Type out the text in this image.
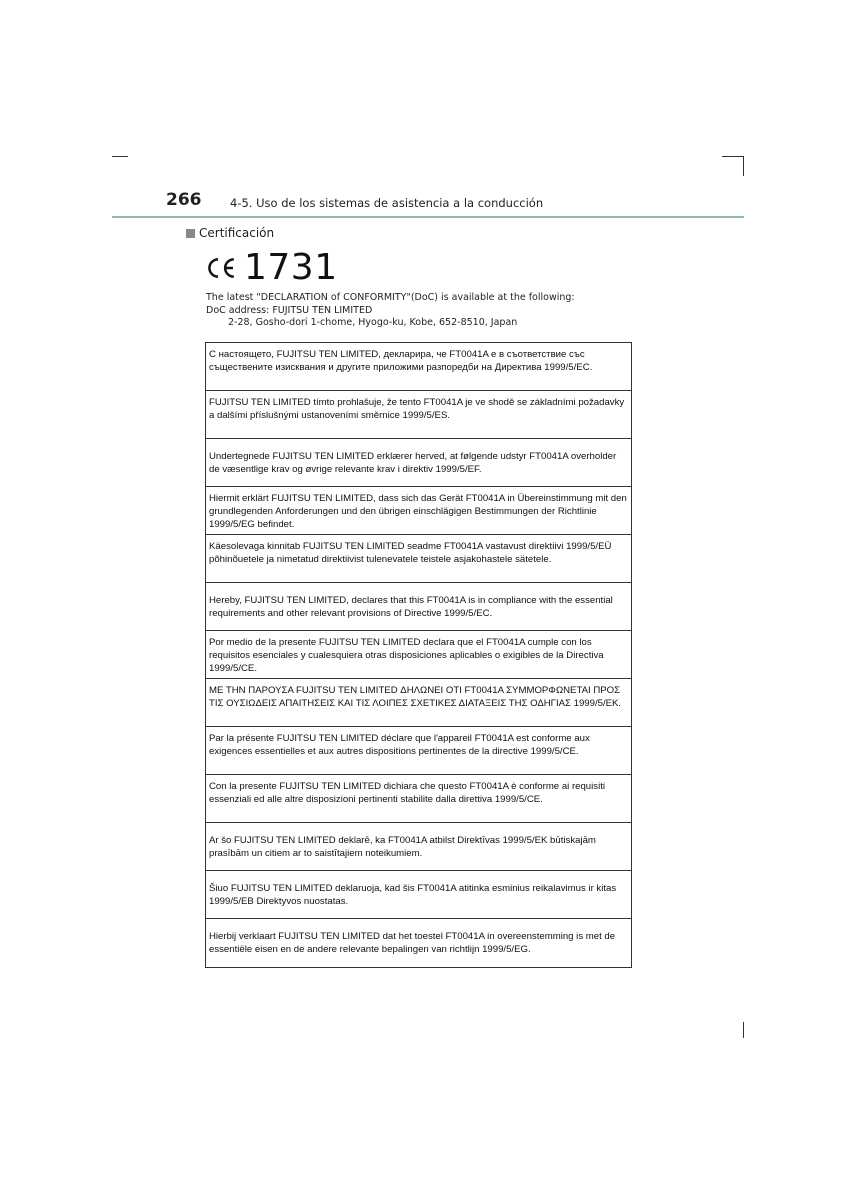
266 4-5. Uso de los sistemas de asistencia a la conducción
Certificación
1731
The latest "DECLARATION of CONFORMITY"(DoC) is available at the following:
DoC address: FUJITSU TEN LIMITED
2-28, Gosho-dori 1-chome, Hyogo-ku, Kobe, 652-8510, Japan
С настоящето, FUJITSU TEN LIMITED, декларира, че FT0041A е в съответствие със съществените изисквания и другите приложими разпоредби на Директива 1999/5/EC.
FUJITSU TEN LIMITED tímto prohlašuje, že tento FT0041A je ve shodě se základními požadavky a dalšími příslušnými ustanoveními směrnice 1999/5/ES.
Undertegnede FUJITSU TEN LIMITED erklærer herved, at følgende udstyr FT0041A overholder de væsentlige krav og øvrige relevante krav i direktiv 1999/5/EF.
Hiermit erklärt FUJITSU TEN LIMITED, dass sich das Gerät FT0041A in Übereinstimmung mit den grundlegenden Anforderungen und den übrigen einschlägigen Bestimmungen der Richtlinie 1999/5/EG befindet.
Käesolevaga kinnitab FUJITSU TEN LIMITED seadme FT0041A vastavust direktiivi 1999/5/EÜ põhinõuetele ja nimetatud direktiivist tulenevatele teistele asjakohastele sätetele.
Hereby, FUJITSU TEN LIMITED, declares that this FT0041A is in compliance with the essential requirements and other relevant provisions of Directive 1999/5/EC.
Por medio de la presente FUJITSU TEN LIMITED declara que el FT0041A cumple con los requisitos esenciales y cualesquiera otras disposiciones aplicables o exigibles de la Directiva 1999/5/CE.
ΜΕ ΤΗΝ ΠΑΡΟΥΣΑ FUJITSU TEN LIMITED ΔΗΛΩΝΕΙ ΟΤΙ FT0041A ΣΥΜΜΟΡΦΩΝΕΤΑΙ ΠΡΟΣ ΤΙΣ ΟΥΣΙΩΔΕΙΣ ΑΠΑΙΤΗΣΕΙΣ ΚΑΙ ΤΙΣ ΛΟΙΠΕΣ ΣΧΕΤΙΚΕΣ ΔΙΑΤΑΞΕΙΣ ΤΗΣ ΟΔΗΓΙΑΣ 1999/5/ΕΚ.
Par la présente FUJITSU TEN LIMITED déclare que l'appareil FT0041A est conforme aux exigences essentielles et aux autres dispositions pertinentes de la directive 1999/5/CE.
Con la presente FUJITSU TEN LIMITED dichiara che questo FT0041A è conforme ai requisiti essenziali ed alle altre disposizioni pertinenti stabilite dalla direttiva 1999/5/CE.
Ar šo FUJITSU TEN LIMITED deklarē, ka FT0041A atbilst Direktīvas 1999/5/EK būtiskajām prasībām un citiem ar to saistītajiem noteikumiem.
Šiuo FUJITSU TEN LIMITED deklaruoja, kad šis FT0041A atitinka esminius reikalavimus ir kitas 1999/5/EB Direktyvos nuostatas.
Hierbij verklaart FUJITSU TEN LIMITED dat het toestel FT0041A in overeenstemming is met de essentiële eisen en de andere relevante bepalingen van richtlijn 1999/5/EG.
